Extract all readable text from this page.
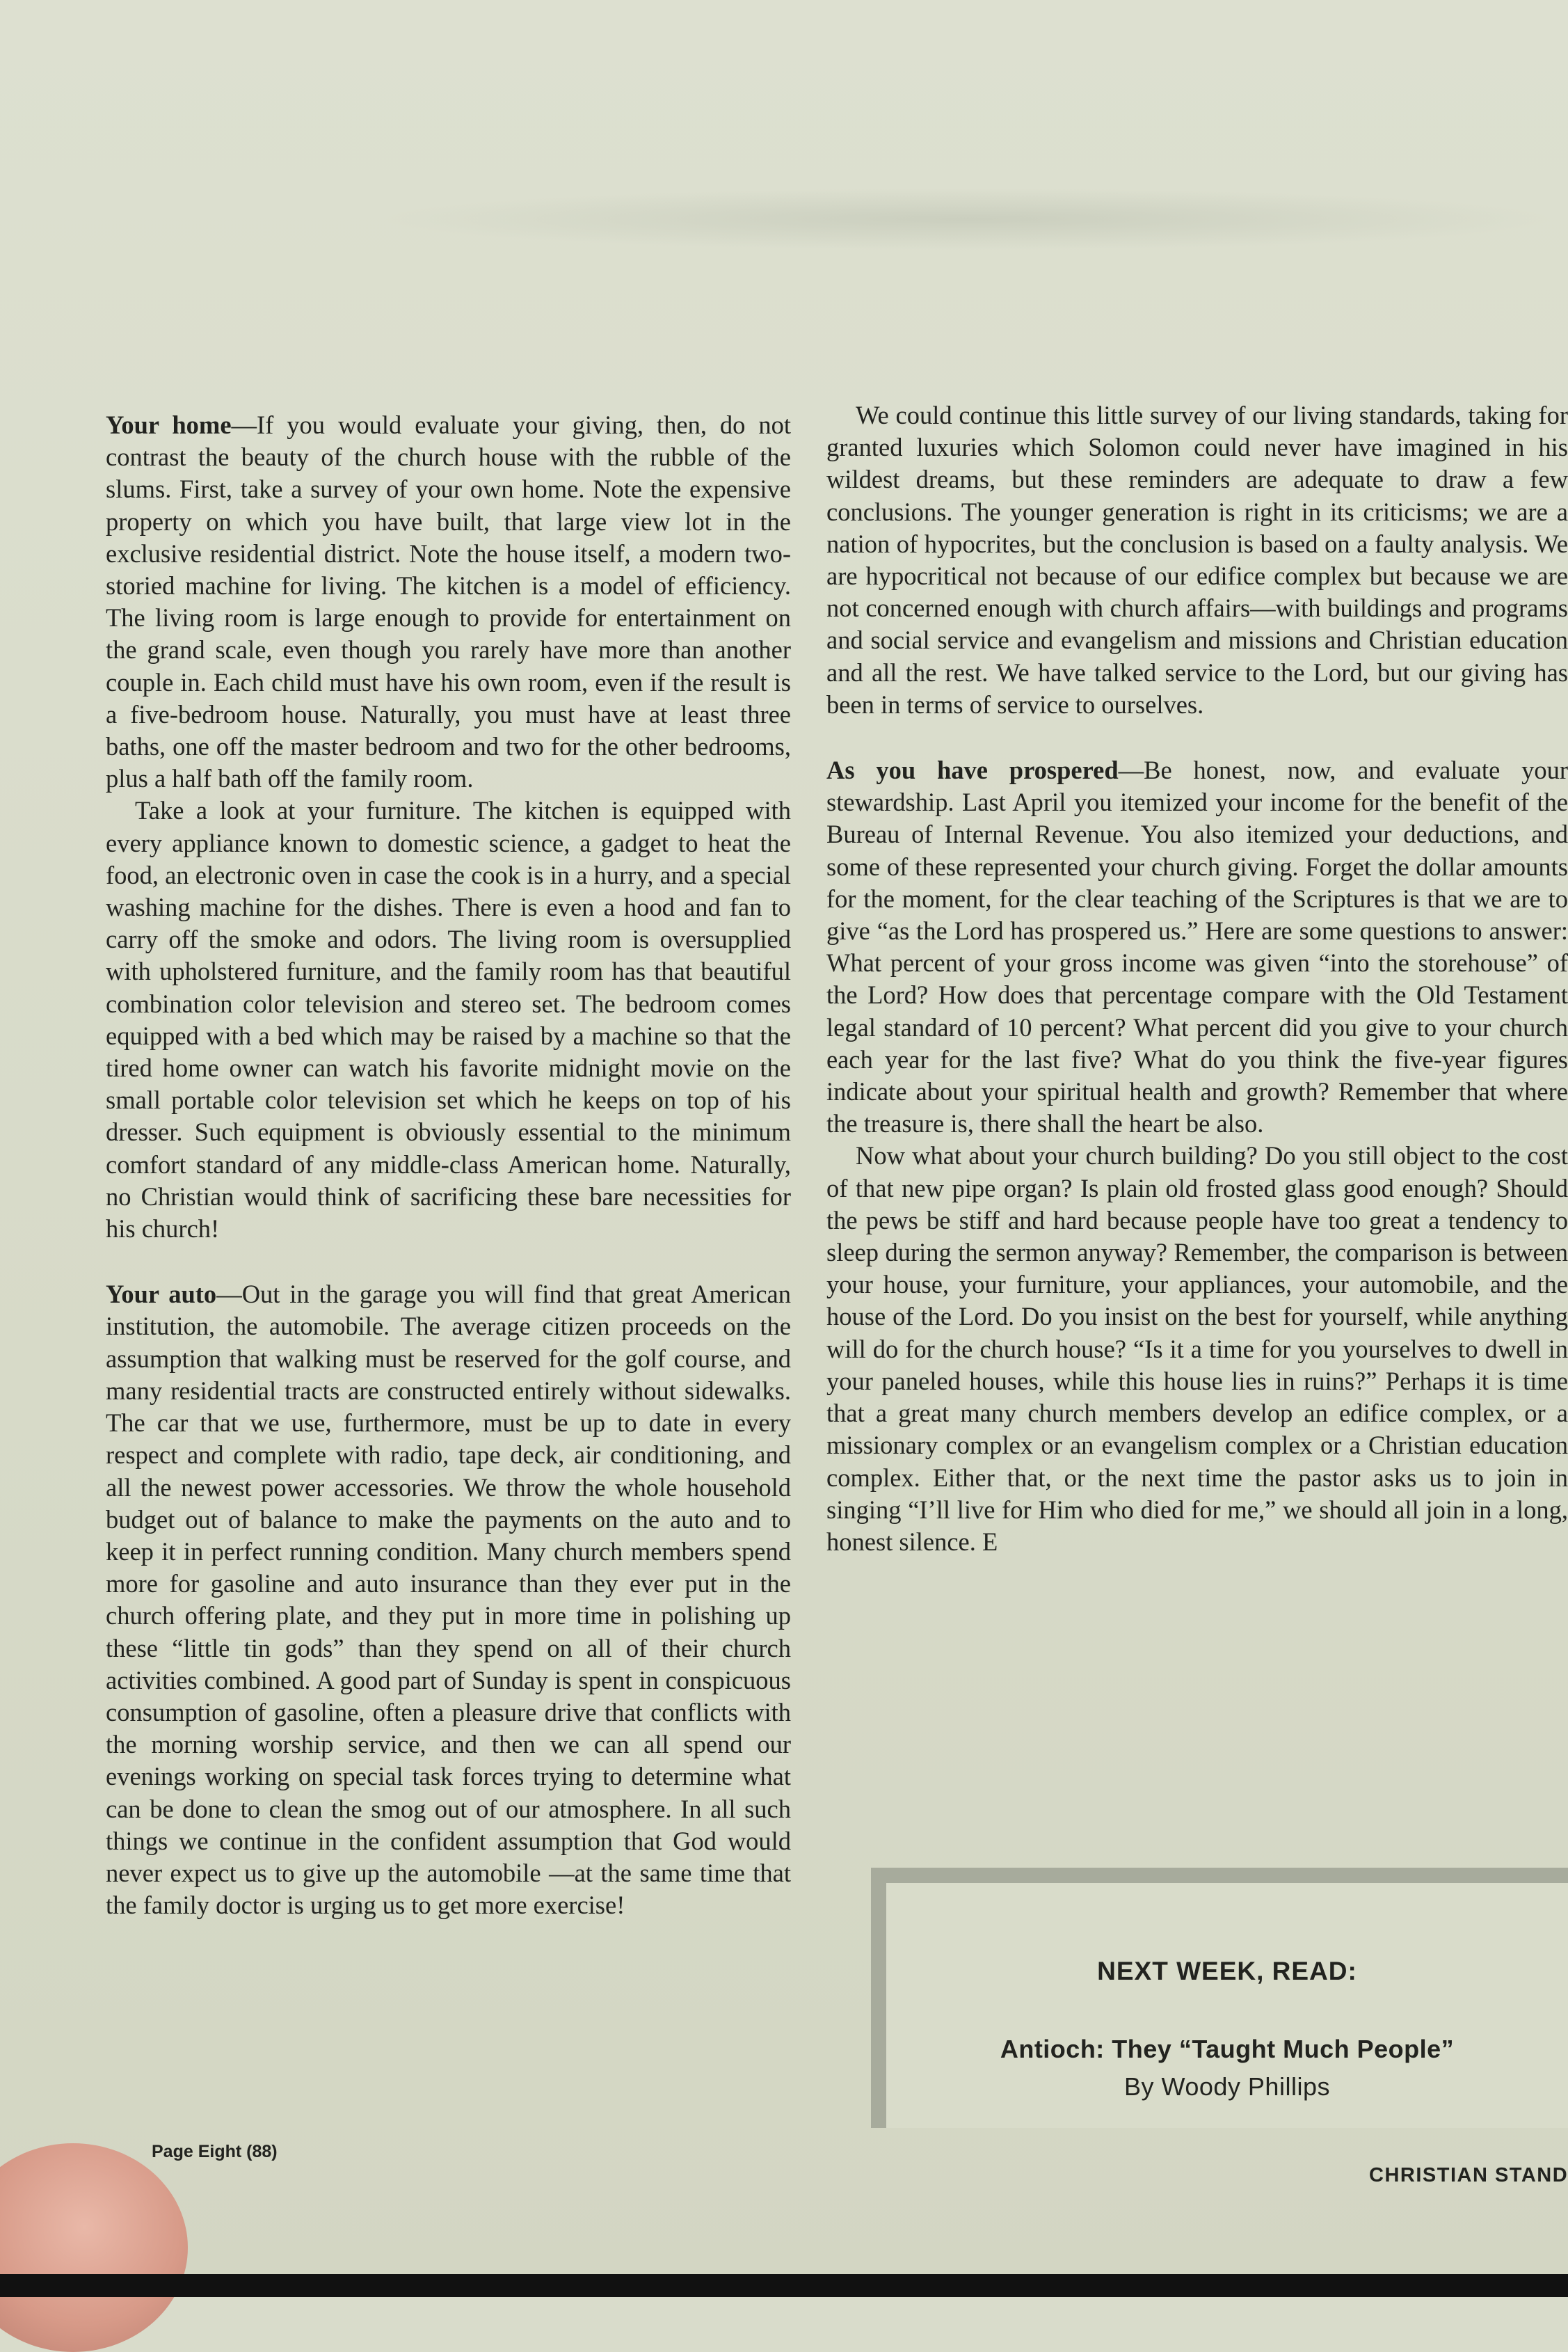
Your home—If you would evaluate your giving, then, do not contrast the beauty of the church house with the rubble of the slums. First, take a survey of your own home. Note the expensive property on which you have built, that large view lot in the exclusive residential district. Note the house itself, a modern two-storied machine for living. The kitchen is a model of efficiency. The living room is large enough to provide for entertainment on the grand scale, even though you rarely have more than another couple in. Each child must have his own room, even if the result is a five-bedroom house. Naturally, you must have at least three baths, one off the master bedroom and two for the other bedrooms, plus a half bath off the family room.

Take a look at your furniture. The kitchen is equipped with every appliance known to domestic science, a gadget to heat the food, an electronic oven in case the cook is in a hurry, and a special washing machine for the dishes. There is even a hood and fan to carry off the smoke and odors. The living room is oversupplied with upholstered furniture, and the family room has that beautiful combination color television and stereo set. The bedroom comes equipped with a bed which may be raised by a machine so that the tired home owner can watch his favorite midnight movie on the small portable color television set which he keeps on top of his dresser. Such equipment is obviously essential to the minimum comfort standard of any middle-class American home. Naturally, no Christian would think of sacrificing these bare necessities for his church!

Your auto—Out in the garage you will find that great American institution, the automobile. The average citizen proceeds on the assumption that walking must be reserved for the golf course, and many residential tracts are constructed entirely without sidewalks. The car that we use, furthermore, must be up to date in every respect and complete with radio, tape deck, air conditioning, and all the newest power accessories. We throw the whole household budget out of balance to make the payments on the auto and to keep it in perfect running condition. Many church members spend more for gasoline and auto insurance than they ever put in the church offering plate, and they put in more time in polishing up these “little tin gods” than they spend on all of their church activities combined. A good part of Sunday is spent in conspicuous consumption of gasoline, often a pleasure drive that conflicts with the morning worship service, and then we can all spend our evenings working on special task forces trying to determine what can be done to clean the smog out of our atmosphere. In all such things we continue in the confident assumption that God would never expect us to give up the automobile —at the same time that the family doctor is urging us to get more exercise!

We could continue this little survey of our living standards, taking for granted luxuries which Solomon could never have imagined in his wildest dreams, but these reminders are adequate to draw a few conclusions. The younger generation is right in its criticisms; we are a nation of hypocrites, but the conclusion is based on a faulty analysis. We are hypocritical not because of our edifice complex but because we are not concerned enough with church affairs—with buildings and programs and social service and evangelism and missions and Christian education and all the rest. We have talked service to the Lord, but our giving has been in terms of service to ourselves.

As you have prospered—Be honest, now, and evaluate your stewardship. Last April you itemized your income for the benefit of the Bureau of Internal Revenue. You also itemized your deductions, and some of these represented your church giving. Forget the dollar amounts for the moment, for the clear teaching of the Scriptures is that we are to give “as the Lord has prospered us.” Here are some questions to answer: What percent of your gross income was given “into the storehouse” of the Lord? How does that percentage compare with the Old Testament legal standard of 10 percent? What percent did you give to your church each year for the last five? What do you think the five-year figures indicate about your spiritual health and growth? Remember that where the treasure is, there shall the heart be also.

Now what about your church building? Do you still object to the cost of that new pipe organ? Is plain old frosted glass good enough? Should the pews be stiff and hard because people have too great a tendency to sleep during the sermon anyway? Remember, the comparison is between your house, your furniture, your appliances, your automobile, and the house of the Lord. Do you insist on the best for yourself, while anything will do for the church house? “Is it a time for you yourselves to dwell in your paneled houses, while this house lies in ruins?” Perhaps it is time that a great many church members develop an edifice complex, or a missionary complex or an evangelism complex or a Christian education complex. Either that, or the next time the pastor asks us to join in singing “I’ll live for Him who died for me,” we should all join in a long, honest silence. E

NEXT WEEK, READ:
Antioch: They “Taught Much People”
By Woody Phillips
Page Eight (88)
CHRISTIAN STAND
